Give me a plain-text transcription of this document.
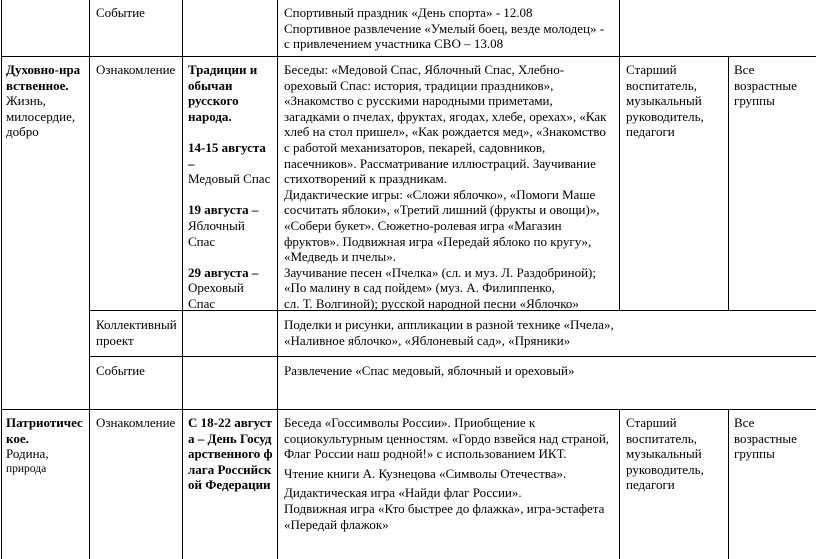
Событие	Спортивный праздник «День спорта» - 12.08

Спортивное развлечение «Умелый боец, везде молодец» -

с привлечением участника СВО – 13.08

Духовно-нравственное.

Жизнь, милосердие, добро

Ознакомление Традиции и обычаи русского народа.

14-15 августа –

Медовый Спас

19 августа –

Яблочный Спас

29 августа –

Ореховый Спас

Беседы: «Медовой Спас, Яблочный Спас, Хлебно-

ореховый Спас: история, традиции праздников»,

«Знакомство с русскими народными приметами,

загадками о пчелах, фруктах, ягодах, хлебе, орехах», «Как

хлеб на стол пришел», «Как рождается мед», «Знакомство

с работой механизаторов, пекарей, садовников,

пасечников». Рассматривание иллюстраций. Заучивание

стихотворений к праздникам.

Дидактические игры: «Сложи яблочко», «Помоги Маше

сосчитать яблоки», «Третий лишний (фрукты и овощи)»,

«Собери букет». Сюжетно-ролевая игра «Магазин

фруктов». Подвижная игра «Передай яблоко по кругу»,

«Медведь и пчелы».

Заучивание песен «Пчелка» (сл. и муз. Л. Раздобриной);

«По малину в сад пойдем» (муз. А. Филиппенко,

сл. Т. Волгиной); русской народной песни «Яблочко»

Старший воспитатель, музыкальный руководитель, педагоги

Все возрастные группы

Коллективный проект

Поделки и рисунки, аппликации в разной технике «Пчела»,

«Наливное яблочко», «Яблоневый сад», «Пряники»

Событие	Развлечение «Спас медовый, яблочный и ореховый»

Патриотическое.

Родина,

природа

Ознакомление С 18-22 августа – День Государственного флага Российской Федерации

Беседа «Госсимволы России». Приобщение к

социокультурным ценностям. «Гордо взвейся над страной,

Флаг России наш родной!» с использованием ИКТ.

Чтение книги А. Кузнецова «Символы Отечества».

Дидактическая игра «Найди флаг России».

Подвижная игра «Кто быстрее до флажка», игра-эстафета

«Передай флажок»

Старший воспитатель, музыкальный руководитель, педагоги

Все возрастные группы
